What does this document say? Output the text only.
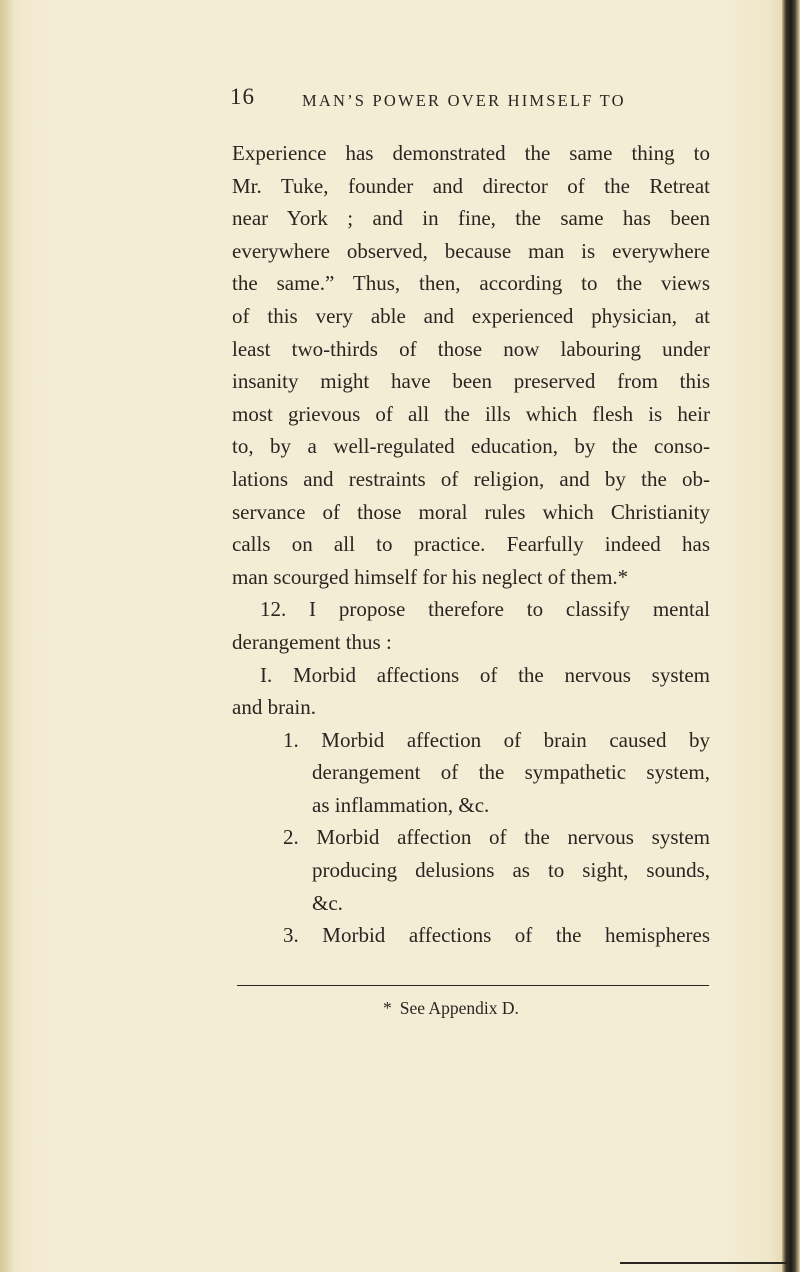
16	MAN’S POWER OVER HIMSELF TO
Experience has demonstrated the same thing to
Mr. Tuke, founder and director of the Retreat
near York ; and in fine, the same has been
everywhere observed, because man is everywhere
the same.” Thus, then, according to the views
of this very able and experienced physician, at
least two-thirds of those now labouring under
insanity might have been preserved from this
most grievous of all the ills which flesh is heir
to, by a well-regulated education, by the conso-
lations and restraints of religion, and by the ob-
servance of those moral rules which Christianity
calls on all to practice. Fearfully indeed has
man scourged himself for his neglect of them.*
12. I propose therefore to classify mental
derangement thus :
I. Morbid affections of the nervous system
and brain.
1. Morbid affection of brain caused by
derangement of the sympathetic system,
as inflammation, &c.
2. Morbid affection of the nervous system
producing delusions as to sight, sounds,
&c.
3. Morbid affections of the hemispheres
* See Appendix D.
